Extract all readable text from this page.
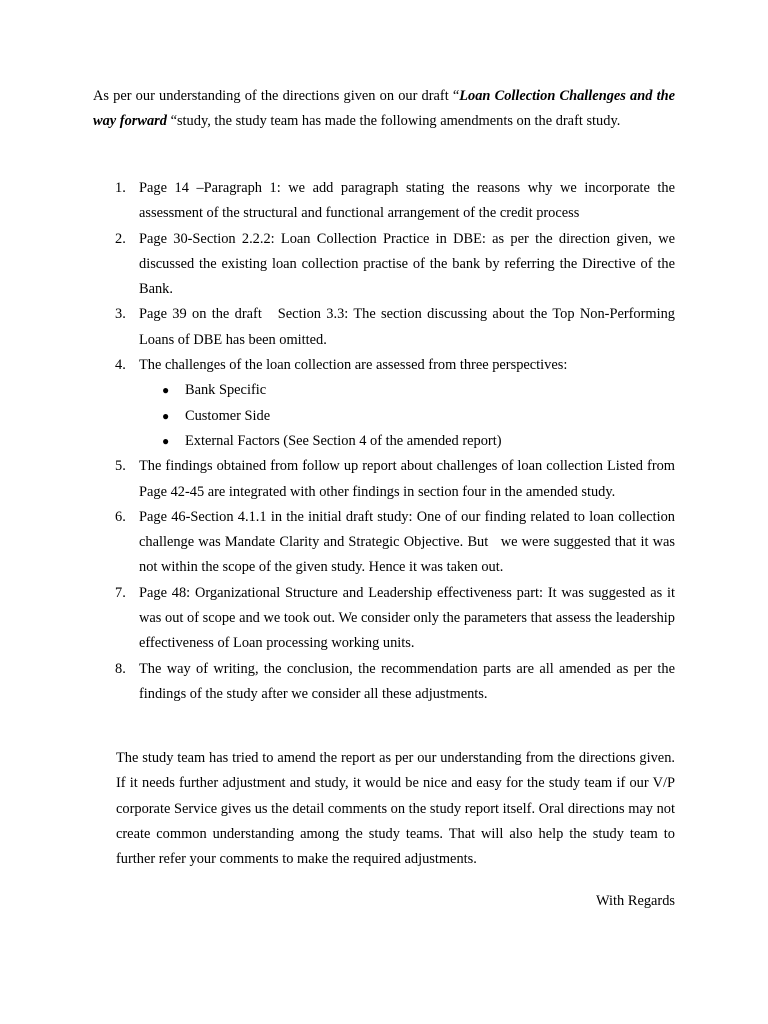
As per our understanding of the directions given on our draft “Loan Collection Challenges and the way forward “study, the study team has made the following amendments on the draft study.

1. Page 14 –Paragraph 1: we add paragraph stating the reasons why we incorporate the assessment of the structural and functional arrangement of the credit process
2. Page 30-Section 2.2.2: Loan Collection Practice in DBE: as per the direction given, we discussed the existing loan collection practise of the bank by referring the Directive of the Bank.
3. Page 39 on the draft   Section 3.3: The section discussing about the Top Non-Performing Loans of DBE has been omitted.
4. The challenges of the loan collection are assessed from three perspectives:
● Bank Specific
● Customer Side
● External Factors (See Section 4 of the amended report)
5. The findings obtained from follow up report about challenges of loan collection Listed from Page 42-45 are integrated with other findings in section four in the amended study.
6. Page 46-Section 4.1.1 in the initial draft study: One of our finding related to loan collection challenge was Mandate Clarity and Strategic Objective. But   we were suggested that it was not within the scope of the given study. Hence it was taken out.
7. Page 48: Organizational Structure and Leadership effectiveness part: It was suggested as it was out of scope and we took out. We consider only the parameters that assess the leadership effectiveness of Loan processing working units.
8. The way of writing, the conclusion, the recommendation parts are all amended as per the findings of the study after we consider all these adjustments.

The study team has tried to amend the report as per our understanding from the directions given. If it needs further adjustment and study, it would be nice and easy for the study team if our V/P corporate Service gives us the detail comments on the study report itself. Oral directions may not create common understanding among the study teams. That will also help the study team to further refer your comments to make the required adjustments.

With Regards
